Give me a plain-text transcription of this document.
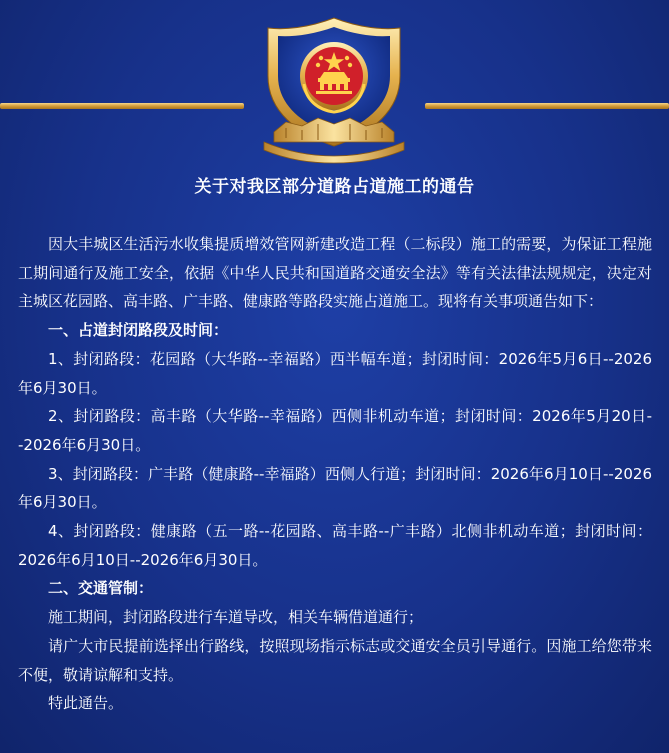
关于对我区部分道路占道施工的通告

因大丰城区生活污水收集提质增效管网新建改造工程（二标段）施工的需要，为保证工程施工期间通行及施工安全，依据《中华人民共和国道路交通安全法》等有关法律法规规定，决定对主城区花园路、高丰路、广丰路、健康路等路段实施占道施工。现将有关事项通告如下：

一、占道封闭路段及时间：

1、封闭路段：花园路（大华路--幸福路）西半幅车道；封闭时间：2026年5月6日--2026年6月30日。

2、封闭路段：高丰路（大华路--幸福路）西侧非机动车道；封闭时间：2026年5月20日--2026年6月30日。

3、封闭路段：广丰路（健康路--幸福路）西侧人行道；封闭时间：2026年6月10日--2026年6月30日。

4、封闭路段：健康路（五一路--花园路、高丰路--广丰路）北侧非机动车道；封闭时间：2026年6月10日--2026年6月30日。

二、交通管制：

施工期间，封闭路段进行车道导改，相关车辆借道通行；

请广大市民提前选择出行路线，按照现场指示标志或交通安全员引导通行。因施工给您带来不便，敬请谅解和支持。

特此通告。
